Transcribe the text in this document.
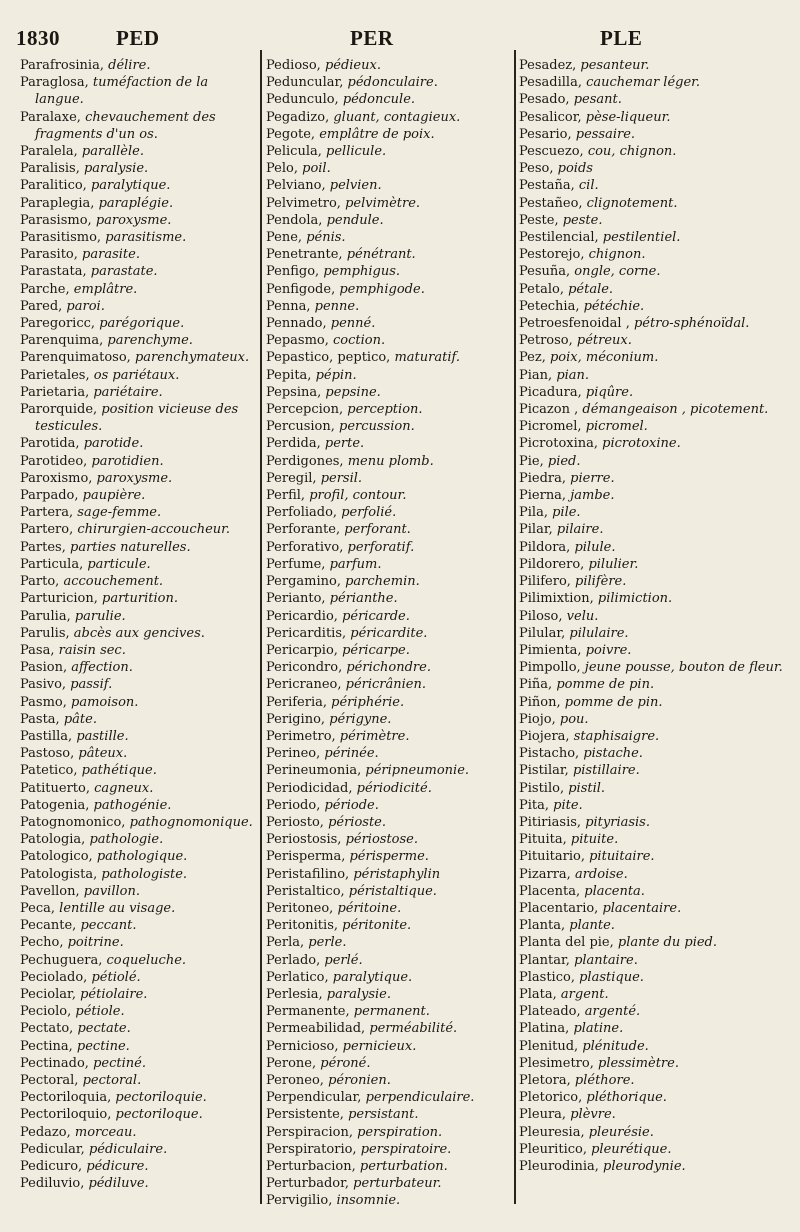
1830	PED	PER	PLE
Parafrosinia, délire.
Paraglosa, tuméfaction de la langue.
Paralaxe, chevauchement des fragments d'un os.
Paralela, parallèle.
Paralisis, paralysie.
Paralitico, paralytique.
Paraplegia, paraplégie.
Parasismo, paroxysme.
Parasitismo, parasitisme.
Parasito, parasite.
Parastata, parastate.
Parche, emplâtre.
Pared, paroi.
Paregoricc, parégorique.
Parenquima, parenchyme.
Parenquimatoso, parenchymateux.
Parietales, os pariétaux.
Parietaria, pariétaire.
Parorquide, position vicieuse des testicules.
Parotida, parotide.
Parotideo, parotidien.
Paroxismo, paroxysme.
Parpado, paupière.
Partera, sage-femme.
Partero, chirurgien-accoucheur.
Partes, parties naturelles.
Particula, particule.
Parto, accouchement.
Parturicion, parturition.
Parulia, parulie.
Parulis, abcès aux gencives.
Pasa, raisin sec.
Pasion, affection.
Pasivo, passif.
Pasmo, pamoison.
Pasta, pâte.
Pastilla, pastille.
Pastoso, pâteux.
Patetico, pathétique.
Patituerto, cagneux.
Patogenia, pathogénie.
Patognomonico, pathognomonique.
Patologia, pathologie.
Patologico, pathologique.
Patologista, pathologiste.
Pavellon, pavillon.
Peca, lentille au visage.
Pecante, peccant.
Pecho, poitrine.
Pechuguera, coqueluche.
Peciolado, pétiolé.
Peciolar, pétiolaire.
Peciolo, pétiole.
Pectato, pectate.
Pectina, pectine.
Pectinado, pectiné.
Pectoral, pectoral.
Pectoriloquia, pectoriloquie.
Pectoriloquio, pectoriloque.
Pedazo, morceau.
Pedicular, pédiculaire.
Pedicuro, pédicure.
Pediluvio, pédiluve.
Pedioso, pédieux.
Peduncular, pédonculaire.
Pedunculo, pédoncule.
Pegadizo, gluant, contagieux.
Pegote, emplâtre de poix.
Pelicula, pellicule.
Pelo, poil.
Pelviano, pelvien.
Pelvimetro, pelvimètre.
Pendola, pendule.
Pene, pénis.
Penetrante, pénétrant.
Penfigo, pemphigus.
Penfigode, pemphigode.
Penna, penne.
Pennado, penné.
Pepasmo, coction.
Pepastico, peptico, maturatif.
Pepita, pépin.
Pepsina, pepsine.
Percepcion, perception.
Percusion, percussion.
Perdida, perte.
Perdigones, menu plomb.
Peregil, persil.
Perfil, profil, contour.
Perfoliado, perfolié.
Perforante, perforant.
Perforativo, perforatif.
Perfume, parfum.
Pergamino, parchemin.
Perianto, périanthe.
Pericardio, péricarde.
Pericarditis, péricardite.
Pericarpio, péricarpe.
Pericondro, périchondre.
Pericraneo, péricrânien.
Periferia, périphérie.
Perigino, périgyne.
Perimetro, périmètre.
Perineo, périnée.
Perineumonia, péripneumonie.
Periodicidad, périodicité.
Periodo, période.
Periosto, périoste.
Periostosis, périostose.
Perisperma, périsperme.
Peristafilino, péristaphylin
Peristaltico, péristaltique.
Peritoneo, péritoine.
Peritonitis, péritonite.
Perla, perle.
Perlado, perlé.
Perlatico, paralytique.
Perlesia, paralysie.
Permanente, permanent.
Permeabilidad, perméabilité.
Pernicioso, pernicieux.
Perone, péroné.
Peroneo, péronien.
Perpendicular, perpendiculaire.
Persistente, persistant.
Perspiracion, perspiration.
Perspiratorio, perspiratoire.
Perturbacion, perturbation.
Perturbador, perturbateur.
Pervigilio, insomnie.
Pesadez, pesanteur.
Pesadilla, cauchemar léger.
Pesado, pesant.
Pesalicor, pèse-liqueur.
Pesario, pessaire.
Pescuezo, cou, chignon.
Peso, poids
Pestaña, cil.
Pestañeo, clignotement.
Peste, peste.
Pestilencial, pestilentiel.
Pestorejo, chignon.
Pesuña, ongle, corne.
Petalo, pétale.
Petechia, pétéchie.
Petroesfenoidal , pétro-sphénoïdal.
Petroso, pétreux.
Pez, poix, méconium.
Pian, pian.
Picadura, piqûre.
Picazon , démangeaison , picotement.
Picromel, picromel.
Picrotoxina, picrotoxine.
Pie, pied.
Piedra, pierre.
Pierna, jambe.
Pila, pile.
Pilar, pilaire.
Pildora, pilule.
Pildorero, pilulier.
Pilifero, pilifère.
Pilimixtion, pilimiction.
Piloso, velu.
Pilular, pilulaire.
Pimienta, poivre.
Pimpollo, jeune pousse, bouton de fleur.
Piña, pomme de pin.
Piñon, pomme de pin.
Piojo, pou.
Piojera, staphisaigre.
Pistacho, pistache.
Pistilar, pistillaire.
Pistilo, pistil.
Pita, pite.
Pitiriasis, pityriasis.
Pituita, pituite.
Pituitario, pituitaire.
Pizarra, ardoise.
Placenta, placenta.
Placentario, placentaire.
Planta, plante.
Planta del pie, plante du pied.
Plantar, plantaire.
Plastico, plastique.
Plata, argent.
Plateado, argenté.
Platina, platine.
Plenitud, plénitude.
Plesimetro, plessimètre.
Pletora, pléthore.
Pletorico, pléthorique.
Pleura, plèvre.
Pleuresia, pleurésie.
Pleuritico, pleurétique.
Pleurodinia, pleurodynie.
